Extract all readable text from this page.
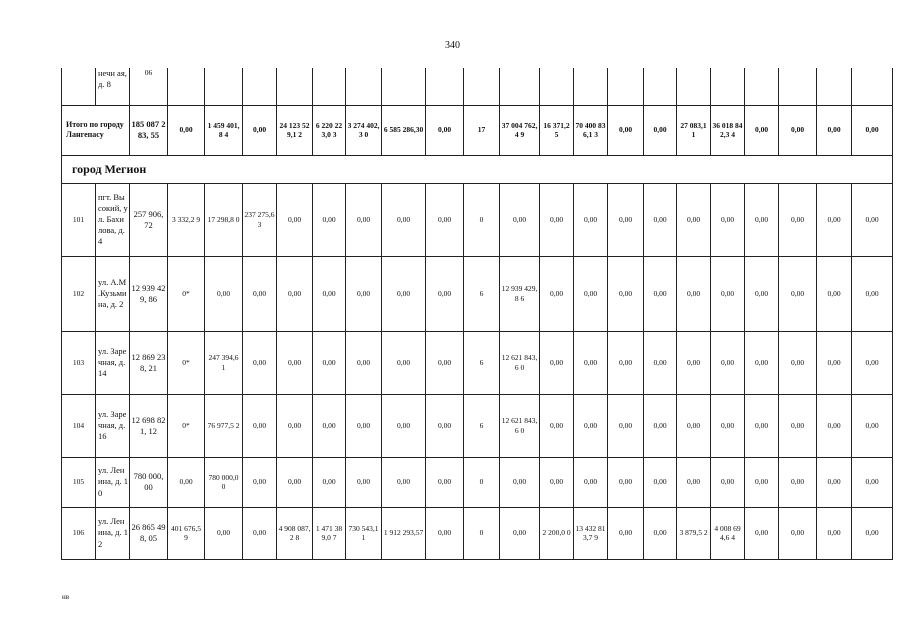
340
	нечн ая, д. 8	06																				
Итого по городу Лангепасу		185 087 283, 55	0,00	1 459 401,8 4	0,00	24 123 529,1 2	6 220 223,0 3	3 274 402,3 0	6 585 286,30	0,00	17	37 004 762,4 9	16 371,2 5	70 400 836,1 3	0,00	0,00	27 083,1 1	36 018 842,3 4	0,00	0,00	0,00	0,00
город Мегион																						
101	пгт. Высокий, ул. Бахилова, д. 4	257 906, 72	3 332,2 9	17 298,8 0	237 275,6 3	0,00	0,00	0,00	0,00	0,00	0	0,00	0,00	0,00	0,00	0,00	0,00	0,00	0,00	0,00	0,00	0,00
102	ул. А.М .Кузьмина, д. 2	12 939 429, 86	0*	0,00	0,00	0,00	0,00	0,00	0,00	0,00	6	12 939 429,8 6	0,00	0,00	0,00	0,00	0,00	0,00	0,00	0,00	0,00	0,00
103	ул. Заречная, д. 14	12 869 238, 21	0*	247 394,6 1	0,00	0,00	0,00	0,00	0,00	0,00	6	12 621 843,6 0	0,00	0,00	0,00	0,00	0,00	0,00	0,00	0,00	0,00	0,00
104	ул. Заречная, д. 16	12 698 821, 12	0*	76 977,5 2	0,00	0,00	0,00	0,00	0,00	0,00	6	12 621 843,6 0	0,00	0,00	0,00	0,00	0,00	0,00	0,00	0,00	0,00	0,00
105	ул. Ленина, д. 10	780 000, 00	0,00	780 000,0 0	0,00	0,00	0,00	0,00	0,00	0,00	0	0,00	0,00	0,00	0,00	0,00	0,00	0,00	0,00	0,00	0,00	0,00
106	ул. Ленина, д. 12	26 865 498, 05	401 676,5 9	0,00	0,00	4 908 087,2 8	1 471 389,0 7	730 543,1 1	1 912 293,57	0,00	0	0,00	2 200,0 0	13 432 813,7 9	0,00	0,00	3 879,5 2	4 008 694,6 4	0,00	0,00	0,00	0,00
нв
